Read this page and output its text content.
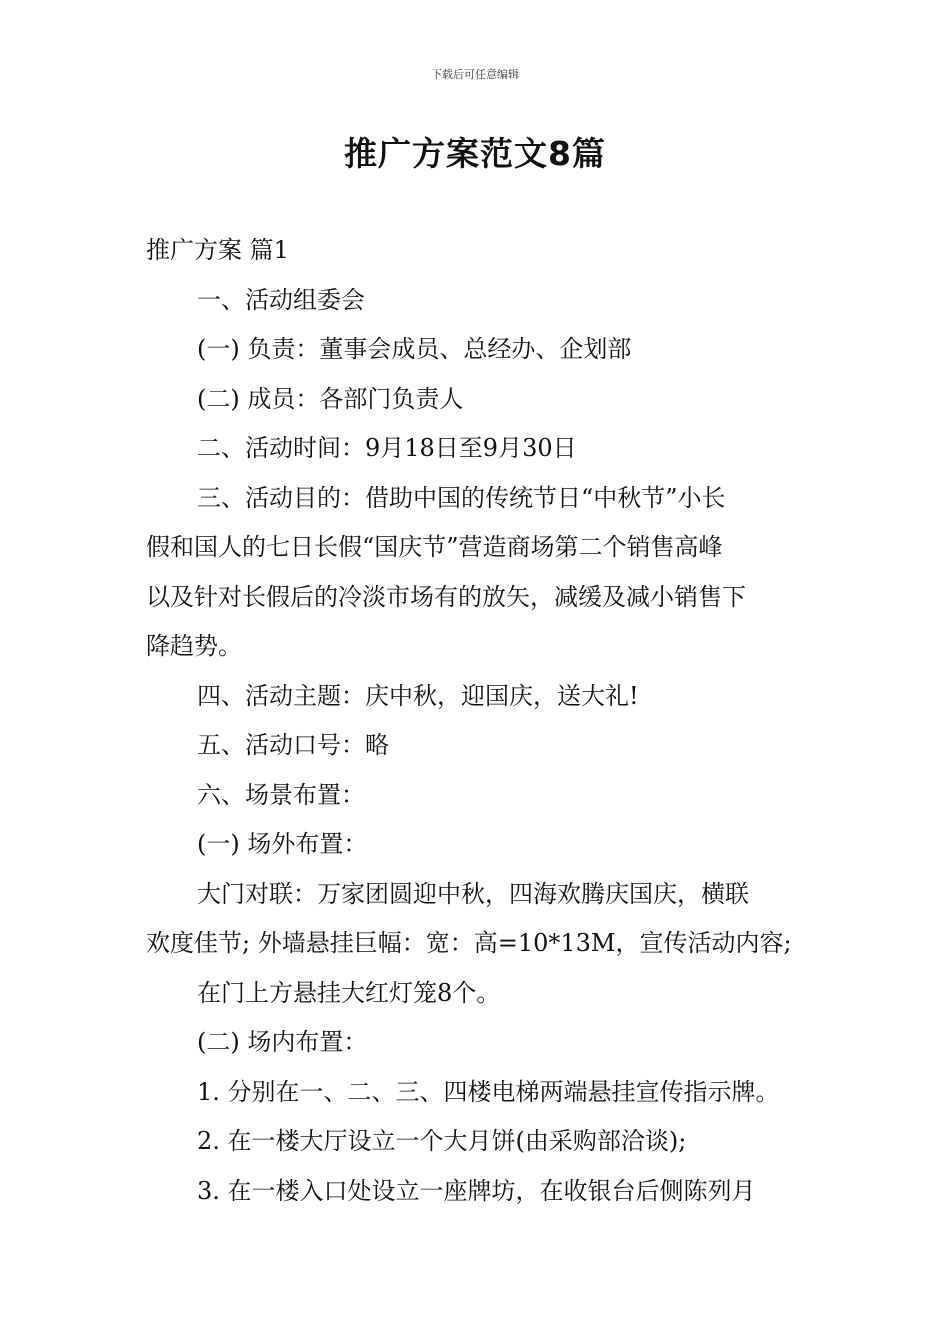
下载后可任意编辑
推广方案范文8篇
推广方案 篇1
一、活动组委会
(一) 负责：董事会成员、总经办、企划部
(二) 成员：各部门负责人
二、活动时间：9月18日至9月30日
三、活动目的：借助中国的传统节日“中秋节”小长
假和国人的七日长假“国庆节”营造商场第二个销售高峰
以及针对长假后的冷淡市场有的放矢，减缓及减小销售下
降趋势。
四、活动主题：庆中秋，迎国庆，送大礼!
五、活动口号：略
六、场景布置：
(一) 场外布置：
大门对联：万家团圆迎中秋，四海欢腾庆国庆，横联
欢度佳节; 外墙悬挂巨幅：宽：高=10*13M，宣传活动内容;
在门上方悬挂大红灯笼8个。
(二) 场内布置：
1. 分别在一、二、三、四楼电梯两端悬挂宣传指示牌。
2. 在一楼大厅设立一个大月饼(由采购部洽谈);
3. 在一楼入口处设立一座牌坊，在收银台后侧陈列月
